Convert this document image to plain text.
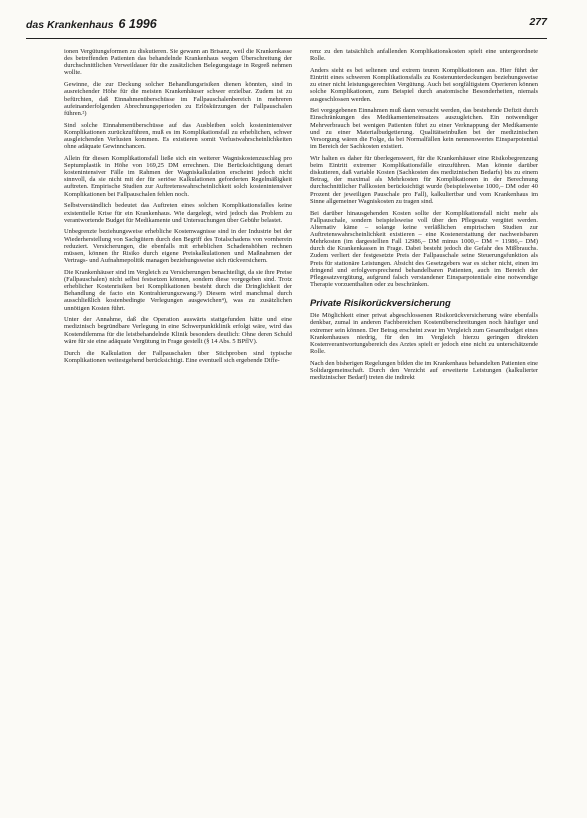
das Krankenhaus 6 1996	277

ionen Vergütungsformen zu diskutieren. Sie gewann an Brisanz, weil die Krankenkasse des betreffenden Patienten das behandelnde Krankenhaus wegen Überschreitung der durchschnittlichen Verweildauer für die zusätzlichen Belegungstage in Regreß nehmen wollte.

Gewinne, die zur Deckung solcher Behandlungsrisiken dienen könnten, sind in ausreichender Höhe für die meisten Krankenhäuser schwer erzielbar. Zudem ist zu befürchten, daß Einnahmenüberschüsse im Fallpauschalenbereich in mehreren aufeinanderfolgenden Abrechnungsperioden zu Erlöskürzungen der Fallpauschalen führen.²)

Sind solche Einnahmenüberschüsse auf das Ausbleiben solch kostenintensiver Komplikationen zurückzuführen, muß es im Komplikationsfall zu erheblichen, schwer ausgleichenden Verlusten kommen. Es existieren somit Verlustwahrscheinlichkeiten ohne adäquate Gewinnchancen.

Allein für diesen Komplikationsfall ließe sich ein weiterer Wagniskostenzuschlag pro Septumplastik in Höhe von 169,25 DM errechnen. Die Berücksichtigung derart kostenintensiver Fälle im Rahmen der Wagniskalkulation erscheint jedoch nicht sinnvoll, da sie nicht mit der für seriöse Kalkulationen geforderten Regelmäßigkeit auftreten. Empirische Studien zur Auftretenswahrscheinlichkeit solch kostenintensiver Komplikationen bei Fallpauschalen fehlen noch.

Selbstverständlich bedeutet das Auftreten eines solchen Komplikationsfalles keine existentielle Krise für ein Krankenhaus. Wie dargelegt, wird jedoch das Problem zu verantwortende Budget für Medikamente und Untersuchungen über Gebühr belastet.

Unbegrenzte beziehungsweise erhebliche Kostenwagnisse sind in der Industrie bei der Wiederherstellung von Sachgütern durch den Begriff des Totalschadens von vornherein reduziert. Versicherungen, die ebenfalls mit erheblichen Schadenshöhen rechnen müssen, können ihr Risiko durch eigene Preiskalkulationen und Maßnahmen der Vertrags- und Aufnahmepolitik managen beziehungsweise sich rückversichern.

Die Krankenhäuser sind im Vergleich zu Versicherungen benachteiligt, da sie ihre Preise (Fallpauschalen) nicht selbst festsetzen können, sondern diese vorgegeben sind. Trotz erheblicher Kostenrisiken bei Komplikationen besteht durch die Dringlichkeit der Behandlung de facto ein Kontrahierungszwang.³) Diesem wird manchmal durch ausschließlich kostenbedingte Verlegungen ausgewichen⁴), was zu zusätzlichen unnötigen Kosten führt.

Unter der Annahme, daß die Operation auswärts stattgefunden hätte und eine medizinisch begründbare Verlegung in eine Schwerpunktklinik erfolgt wäre, wird das Kostendilemma für die leistbehandelnde Klinik besonders deutlich: Ohne deren Schuld wäre für sie eine adäquate Vergütung in Frage gestellt (§ 14 Abs. 5 BPflV).

Durch die Kalkulation der Fallpauschalen über Stichproben sind typische Komplikationen weitestgehend berücksichtigt. Eine eventuell sich ergebende Diffe-

renz zu den tatsächlich anfallenden Komplikationskosten spielt eine untergeordnete Rolle.

Anders sieht es bei seltenen und extrem teuren Komplikationen aus. Hier führt der Eintritt eines schweren Komplikationsfalls zu Kostenunterdeckungen beziehungsweise zu einer nicht leistungsgerechten Vergütung. Auch bei sorgfältigstem Operieren können solche Komplikationen, zum Beispiel durch anatomische Besonderheiten, niemals ausgeschlossen werden.

Bei vorgegebenen Einnahmen muß dann versucht werden, das bestehende Defizit durch Einschränkungen des Medikamenteneinsatzes auszugleichen. Ein notwendiger Mehrverbrauch bei wenigen Patienten führt zu einer Verknappung der Medikamente und zu einer Materialbudgetierung. Qualitätseinbußen bei der medizinischen Versorgung wären die Folge, da bei Normalfällen kein nennenswertes Einsparpotential im Bereich der Sachkosten existiert.

Wir halten es daher für überlegenswert, für die Krankenhäuser eine Risikobegrenzung beim Eintritt extremer Komplikationsfälle einzuführen. Man könnte darüber diskutieren, daß variable Kosten (Sachkosten des medizinischen Bedarfs) bis zu einem Betrag, der maximal als Mehrkosten für Komplikationen in der Berechnung durchschnittlicher Fallkosten berücksichtigt wurde (beispielsweise 1000,– DM oder 40 Prozent der jeweiligen Pauschale pro Fall), kalkuliertbar und vom Krankenhaus im Sinne allgemeiner Wagniskosten zu tragen sind.

Bei darüber hinausgehenden Kosten sollte der Komplikationsfall nicht mehr als Fallpauschale, sondern beispielsweise voll über den Pflegesatz vergütet werden. Alternativ käme – solange keine verläßlichen empirischen Studien zur Auftretenswahrscheinlichkeit existieren – eine Kostenerstattung der nachweisbaren Mehrkosten (im dargestellten Fall 12986,– DM minus 1000,– DM = 11986,– DM) durch die Krankenkassen in Frage. Dabei besteht jedoch die Gefahr des Mißbrauchs. Zudem verliert der festgesetzte Preis der Fallpauschale seine Steuerungsfunktion als Preis für stationäre Leistungen. Absicht des Gesetzgebers war es sicher nicht, einen im dringend und erfolgversprechend behandelbaren Patienten, auch im Bereich der Pflegesatzvergütung, aufgrund falsch verstandener Einsparpotentiale eine notwendige Therapie vorzuenthalten oder zu beschränken.

Private Risikorückversicherung

Die Möglichkeit einer privat abgeschlossenen Risikorückversicherung wäre ebenfalls denkbar, zumal in anderen Fachbereichen Kostenüberschreitungen noch häufiger und extremer sein können. Der Betrag erscheint zwar im Vergleich zum Gesamtbudget eines Krankenhauses niedrig, für den im Vergleich hierzu geringen direkten Kostenverantwortungsbereich des Arztes spielt er jedoch eine nicht zu unterschätzende Rolle.

Nach den bisherigen Regelungen bilden die im Krankenhaus behandelten Patienten eine Solidargemeinschaft. Durch den Verzicht auf erweiterte Leistungen (kalkulierter medizinischer Bedarf) treten die indirekt
